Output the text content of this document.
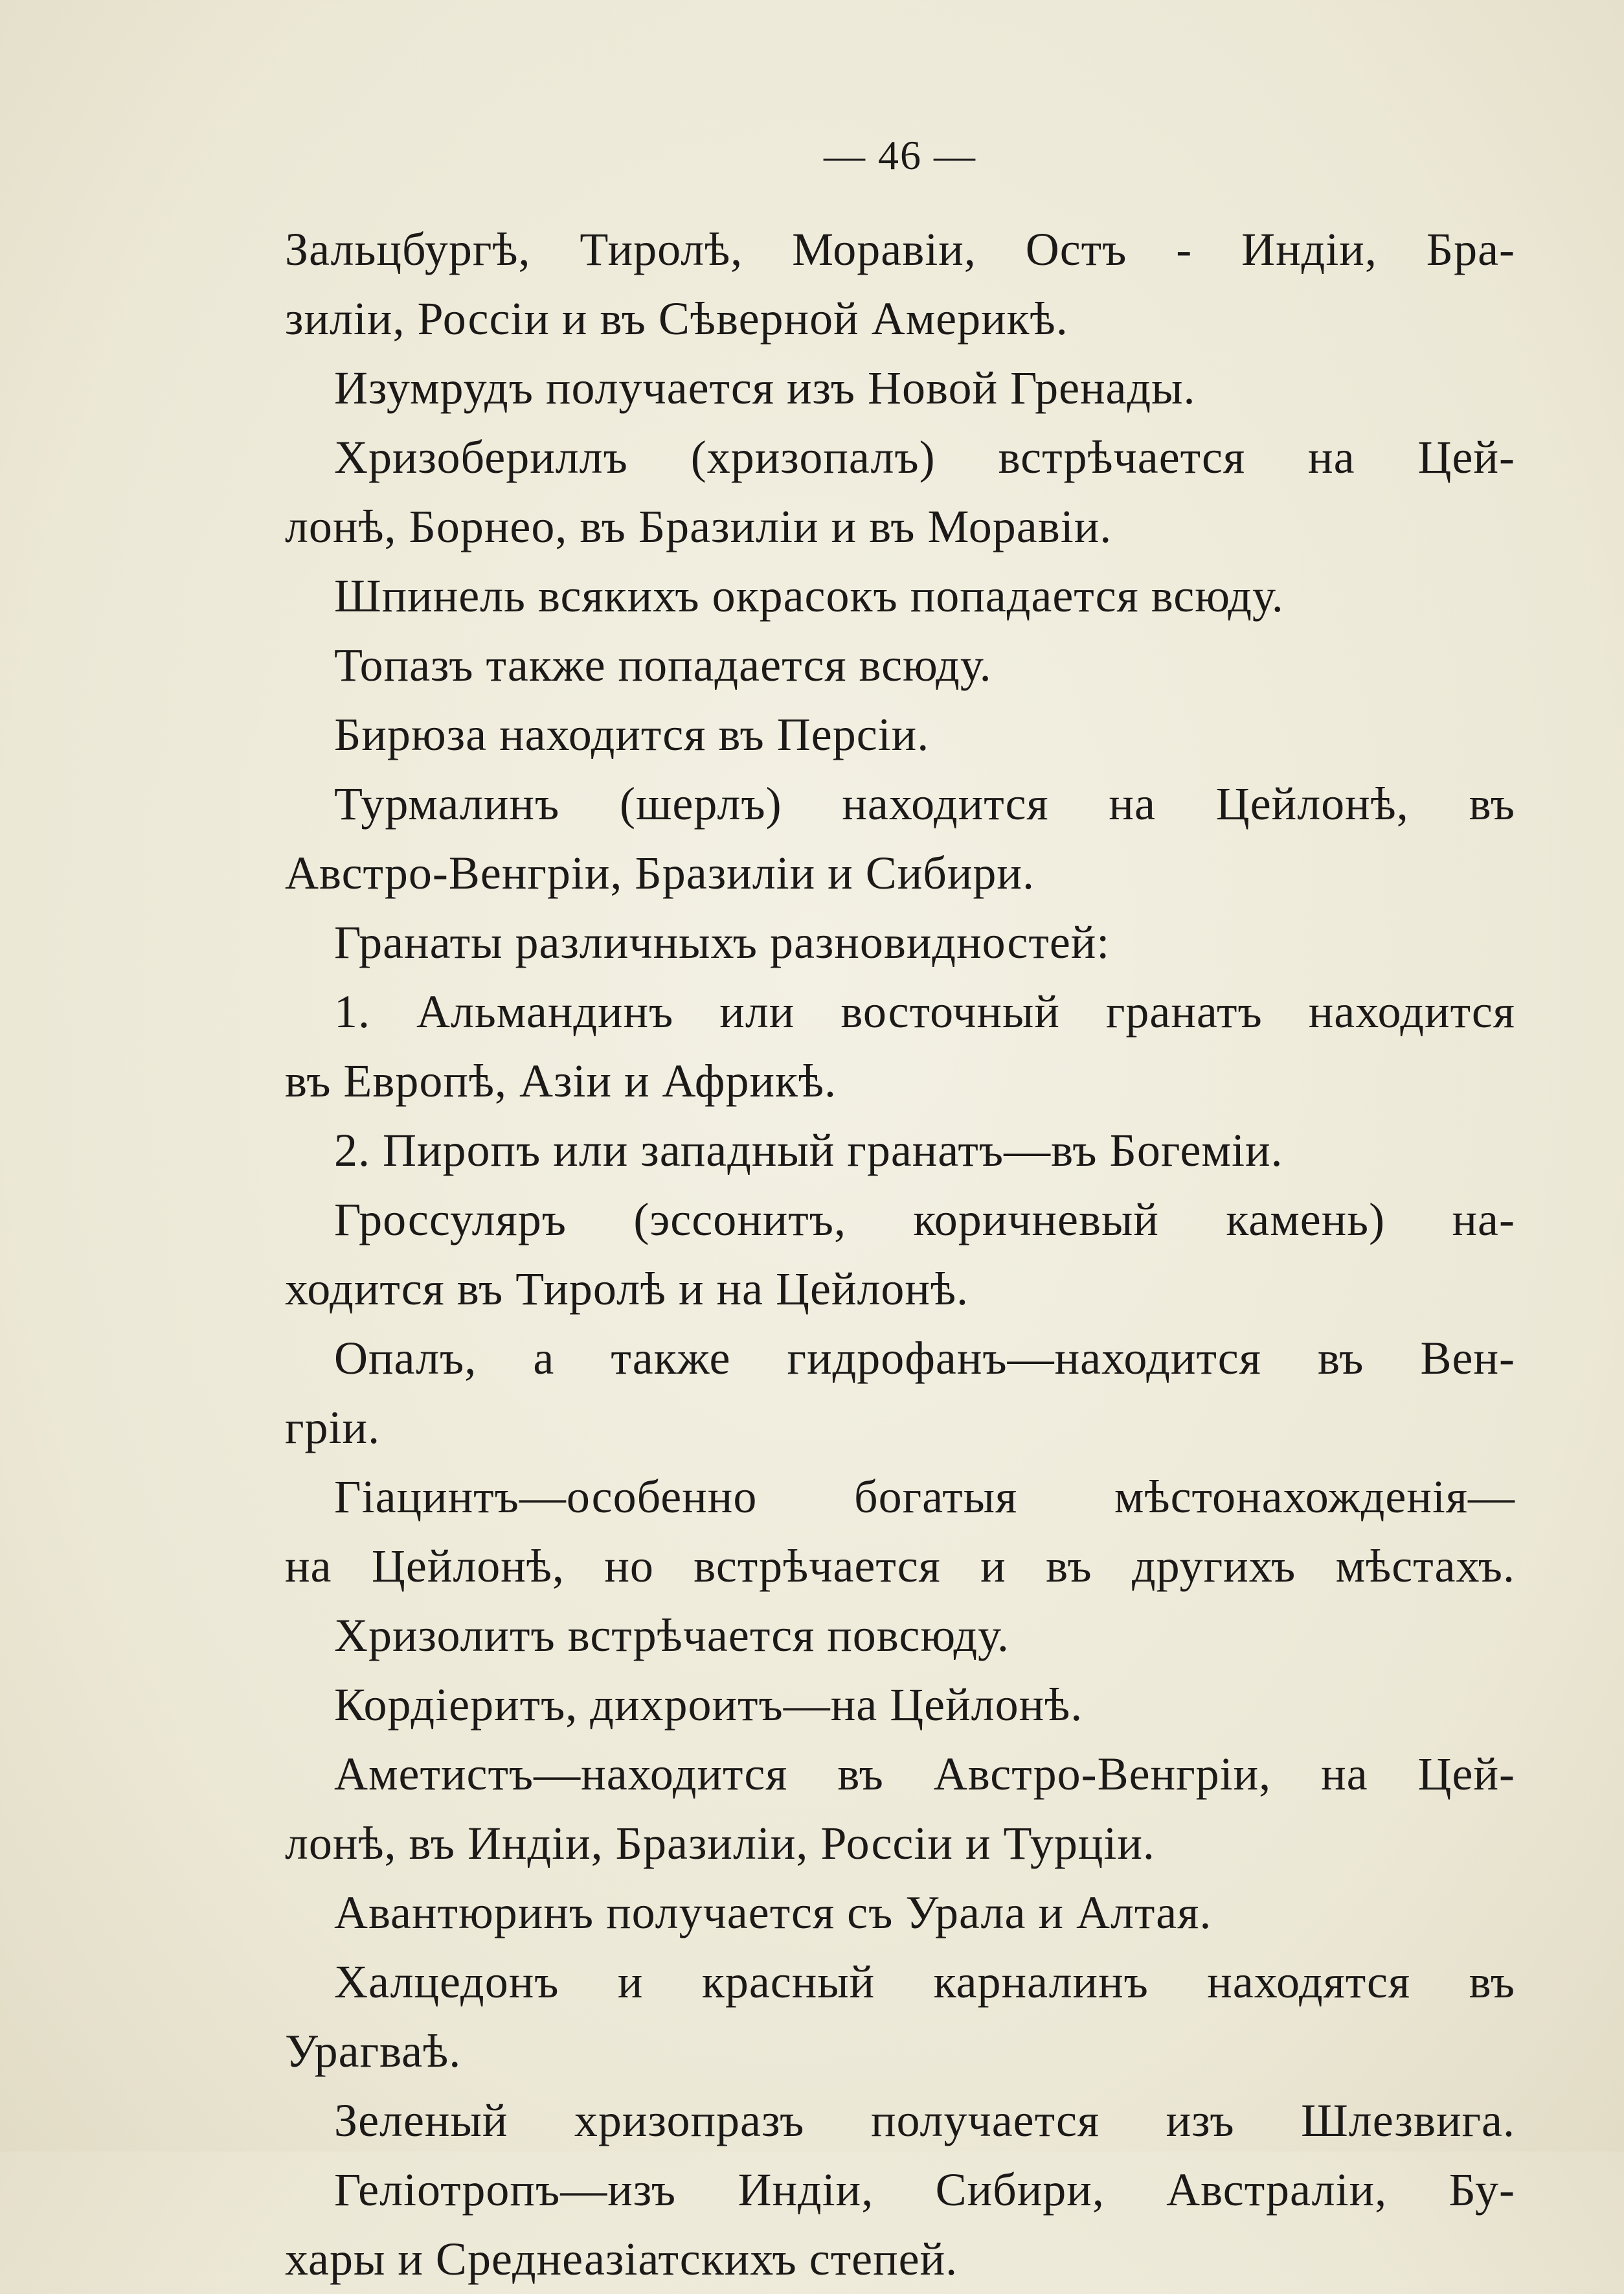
— 46 —
Зальцбургѣ, Тиролѣ, Моравіи, Остъ - Индіи, Бра-
зиліи, Россіи и въ Сѣверной Америкѣ.
Изумрудъ получается изъ Новой Гренады.
Хризобериллъ (хризопалъ) встрѣчается на Цей-
лонѣ, Борнео, въ Бразиліи и въ Моравіи.
Шпинель всякихъ окрасокъ попадается всюду.
Топазъ также попадается всюду.
Бирюза находится въ Персіи.
Турмалинъ (шерлъ) находится на Цейлонѣ, въ
Австро-Венгріи, Бразиліи и Сибири.
Гранаты различныхъ разновидностей:
1. Альмандинъ или восточный гранатъ находится
въ Европѣ, Азіи и Африкѣ.
2. Пиропъ или западный гранатъ—въ Богеміи.
Гроссуляръ (эссонитъ, коричневый камень) на-
ходится въ Тиролѣ и на Цейлонѣ.
Опалъ, а также гидрофанъ—находится въ Вен-
гріи.
Гіацинтъ—особенно богатыя мѣстонахожденія—
на Цейлонѣ, но встрѣчается и въ другихъ мѣстахъ.
Хризолитъ встрѣчается повсюду.
Кордіеритъ, дихроитъ—на Цейлонѣ.
Аметистъ—находится въ Австро-Венгріи, на Цей-
лонѣ, въ Индіи, Бразиліи, Россіи и Турціи.
Авантюринъ получается съ Урала и Алтая.
Халцедонъ и красный карналинъ находятся въ
Урагваѣ.
Зеленый хризопразъ получается изъ Шлезвига.
Геліотропъ—изъ Индіи, Сибири, Австраліи, Бу-
хары и Среднеазіатскихъ степей.
